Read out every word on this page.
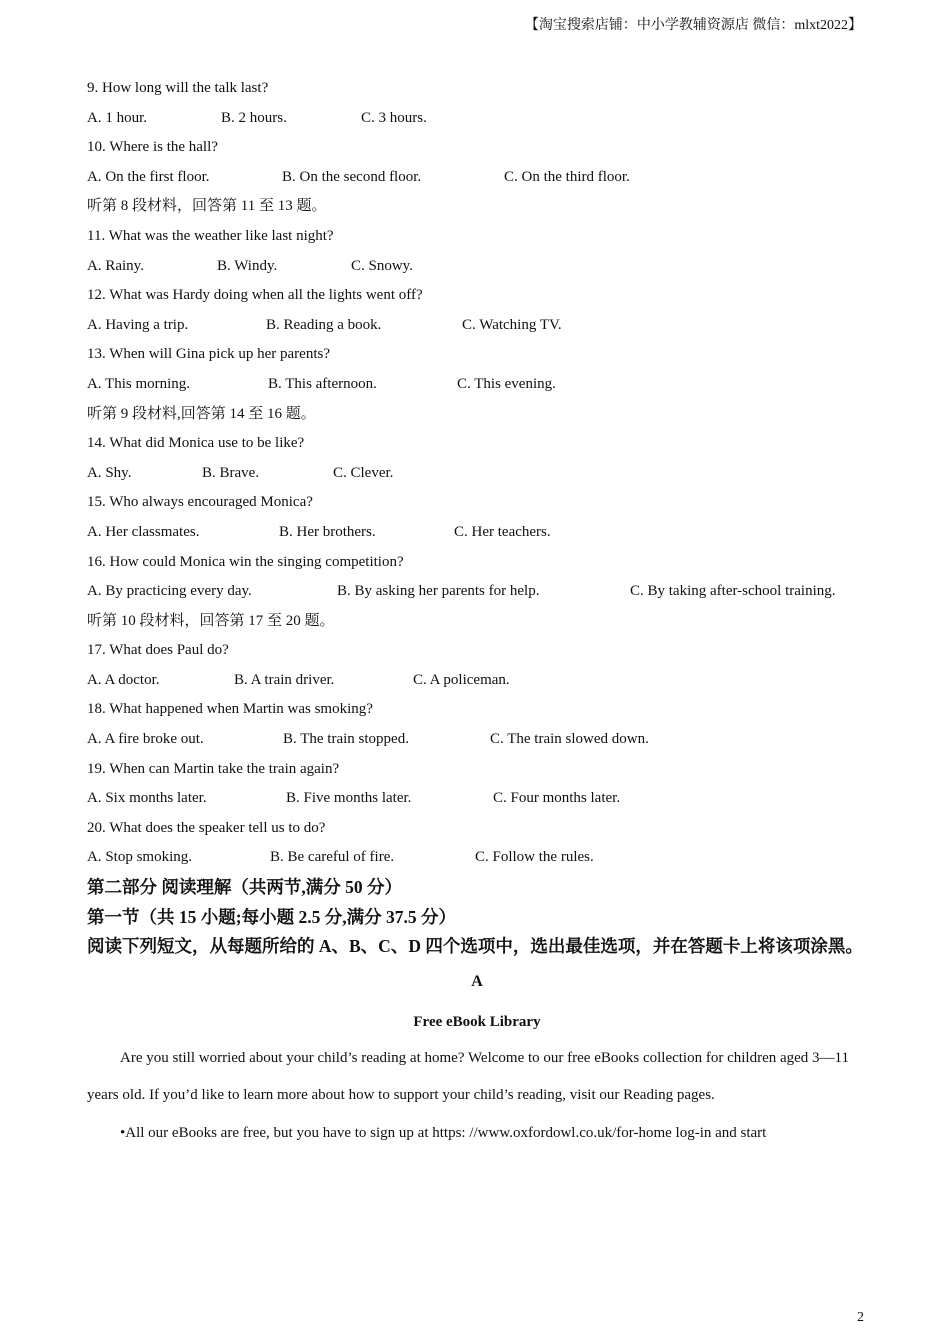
【淘宝搜索店铺：中小学教辅资源店 微信：mlxt2022】
9. How long will the talk last?
A. 1 hour.	B. 2 hours.	C. 3 hours.
10. Where is the hall?
A. On the first floor.	B. On the second floor.	C. On the third floor.
听第 8 段材料，回答第 11 至 13 题。
11. What was the weather like last night?
A. Rainy.	B. Windy.	C. Snowy.
12. What was Hardy doing when all the lights went off?
A. Having a trip.	B. Reading a book.	C. Watching TV.
13. When will Gina pick up her parents?
A. This morning.	B. This afternoon.	C. This evening.
听第 9 段材料,回答第 14 至 16 题。
14. What did Monica use to be like?
A. Shy.	B. Brave.	C. Clever.
15. Who always encouraged Monica?
A. Her classmates.	B. Her brothers.	C. Her teachers.
16. How could Monica win the singing competition?
A. By practicing every day.	B. By asking her parents for help.	C. By taking after-school training.
听第 10 段材料，回答第 17 至 20 题。
17. What does Paul do?
A. A doctor.	B. A train driver.	C. A policeman.
18. What happened when Martin was smoking?
A. A fire broke out.	B. The train stopped.	C. The train slowed down.
19. When can Martin take the train again?
A. Six months later.	B. Five months later.	C. Four months later.
20. What does the speaker tell us to do?
A. Stop smoking.	B. Be careful of fire.	C. Follow the rules.
第二部分 阅读理解（共两节,满分 50 分）
第一节（共 15 小题;每小题 2.5 分,满分 37.5 分）
阅读下列短文，从每题所给的 A、B、C、D 四个选项中，选出最佳选项，并在答题卡上将该项涂黑。
A
Free eBook Library

Are you still worried about your child’s reading at home? Welcome to our free eBooks collection for children aged 3—11 years old. If you’d like to learn more about how to support your child’s reading, visit our Reading pages.

•All our eBooks are free, but you have to sign up at https: //www.oxfordowl.co.uk/for-home log-in and start
2
